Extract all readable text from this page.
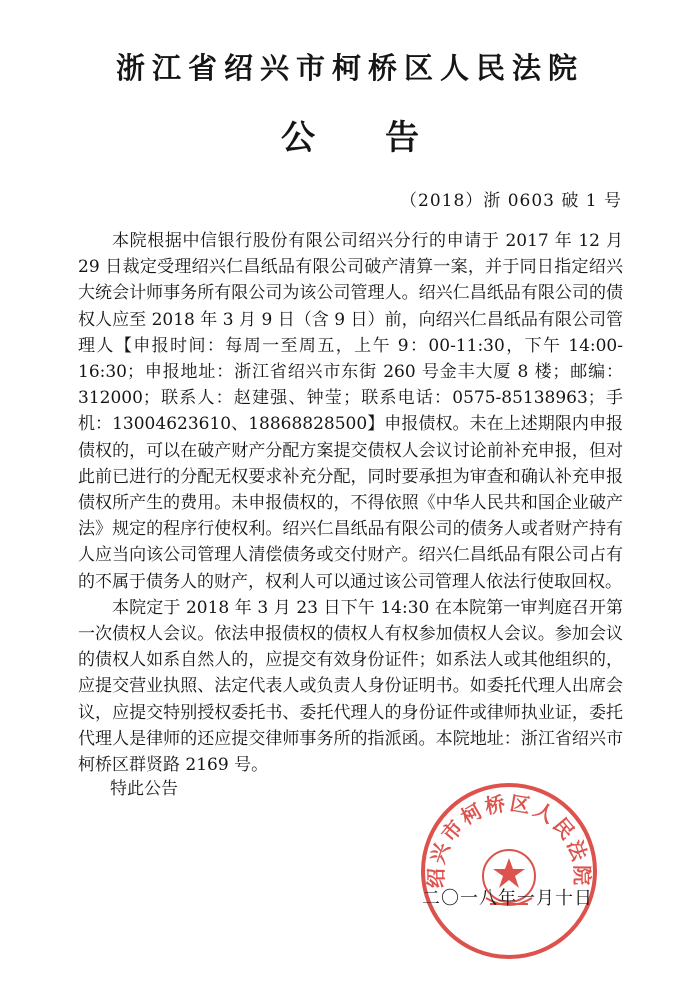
浙江省绍兴市柯桥区人民法院
公告
（2018）浙 0603 破 1 号

本院根据中信银行股份有限公司绍兴分行的申请于 2017 年 12 月 29 日裁定受理绍兴仁昌纸品有限公司破产清算一案，并于同日指定绍兴大统会计师事务所有限公司为该公司管理人。绍兴仁昌纸品有限公司的债权人应至 2018 年 3 月 9 日（含 9 日）前，向绍兴仁昌纸品有限公司管理人【申报时间：每周一至周五，上午 9：00-11:30，下午 14:00-16:30；申报地址：浙江省绍兴市东街 260 号金丰大厦 8 楼；邮编：312000；联系人：赵建强、钟莹；联系电话：0575-85138963；手机：13004623610、18868828500】申报债权。未在上述期限内申报债权的，可以在破产财产分配方案提交债权人会议讨论前补充申报，但对此前已进行的分配无权要求补充分配，同时要承担为审查和确认补充申报债权所产生的费用。未申报债权的，不得依照《中华人民共和国企业破产法》规定的程序行使权利。绍兴仁昌纸品有限公司的债务人或者财产持有人应当向该公司管理人清偿债务或交付财产。绍兴仁昌纸品有限公司占有的不属于债务人的财产，权利人可以通过该公司管理人依法行使取回权。

本院定于 2018 年 3 月 23 日下午 14:30 在本院第一审判庭召开第一次债权人会议。依法申报债权的债权人有权参加债权人会议。参加会议的债权人如系自然人的，应提交有效身份证件；如系法人或其他组织的，应提交营业执照、法定代表人或负责人身份证明书。如委托代理人出席会议，应提交特别授权委托书、委托代理人的身份证件或律师执业证，委托代理人是律师的还应提交律师事务所的指派函。本院地址：浙江省绍兴市柯桥区群贤路 2169 号。

特此公告
绍兴市柯桥区人民法院
二〇一八年一月十日
